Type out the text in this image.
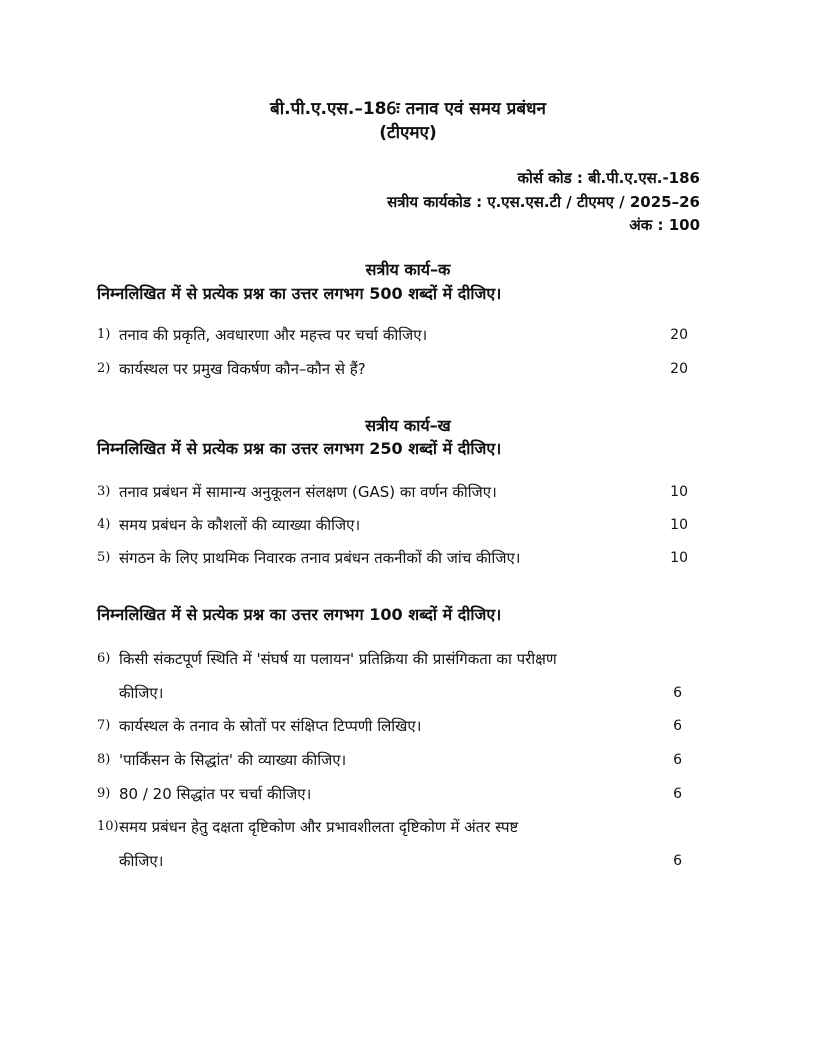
बी.पी.ए.एस.–186ः तनाव एवं समय प्रबंधन
(टीएमए)
कोर्स कोड : बी.पी.ए.एस.-186
सत्रीय कार्यकोड : ए.एस.एस.टी / टीएमए / 2025–26
अंक : 100
सत्रीय कार्य–क
निम्नलिखित में से प्रत्येक प्रश्न का उत्तर लगभग 500 शब्दों में दीजिए।
1) तनाव की प्रकृति, अवधारणा और महत्त्व पर चर्चा कीजिए।	20
2) कार्यस्थल पर प्रमुख विकर्षण कौन–कौन से हैं?	20
सत्रीय कार्य–ख
निम्नलिखित में से प्रत्येक प्रश्न का उत्तर लगभग 250 शब्दों में दीजिए।
3) तनाव प्रबंधन में सामान्य अनुकूलन संलक्षण (GAS) का वर्णन कीजिए।	10
4) समय प्रबंधन के कौशलों की व्याख्या कीजिए।	10
5) संगठन के लिए प्राथमिक निवारक तनाव प्रबंधन तकनीकों की जांच कीजिए।	10
निम्नलिखित में से प्रत्येक प्रश्न का उत्तर लगभग 100 शब्दों में दीजिए।
6) किसी संकटपूर्ण स्थिति में 'संघर्ष या पलायन' प्रतिक्रिया की प्रासंगिकता का परीक्षण
कीजिए।	6
7) कार्यस्थल के तनाव के स्रोतों पर संक्षिप्त टिप्पणी लिखिए।	6
8) 'पार्किंसन के सिद्धांत' की व्याख्या कीजिए।	6
9) 80 / 20 सिद्धांत पर चर्चा कीजिए।	6
10) समय प्रबंधन हेतु दक्षता दृष्टिकोण और प्रभावशीलता दृष्टिकोण में अंतर स्पष्ट
कीजिए।	6
